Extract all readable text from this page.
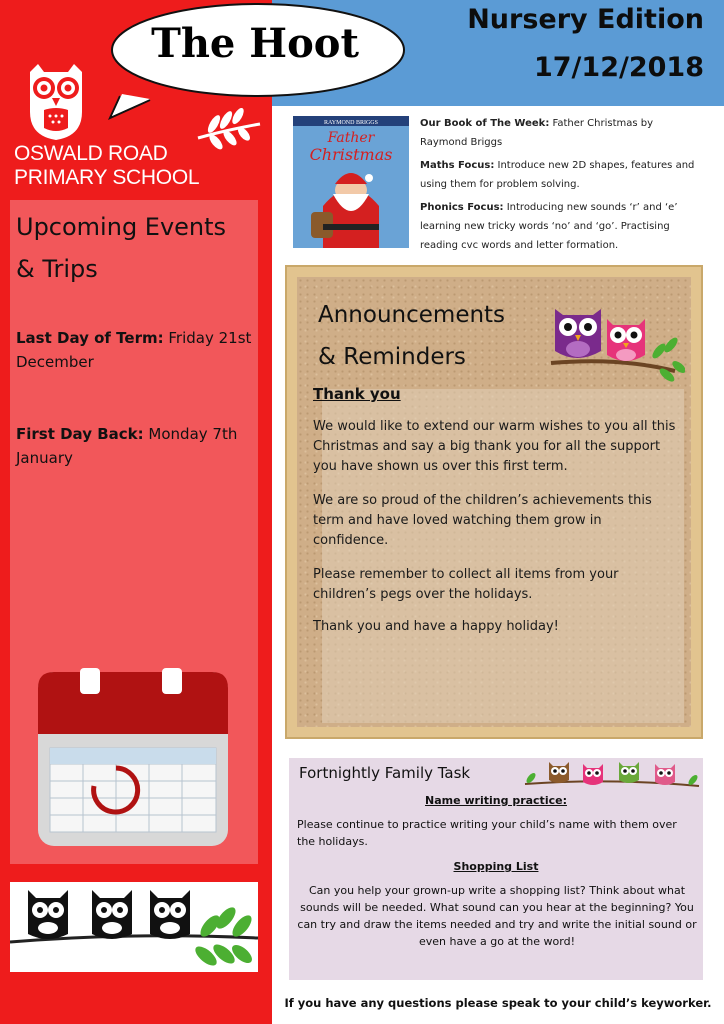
OSWALD ROAD
PRIMARY SCHOOL
Upcoming Events
& Trips
Last Day of Term: Friday 21st December
First Day Back: Monday 7th January
Nursery Edition
17/12/2018
The Hoot
RAYMOND BRIGGS
Father
Christmas

Our Book of The Week: Father Christmas by Raymond Briggs

Maths Focus: Introduce new 2D shapes, features and using them for problem solving.

Phonics Focus: Introducing new sounds ‘r’ and ‘e’ learning new tricky words ‘no’ and ‘go’. Practising reading cvc words and letter formation.

Announcements
& Reminders
Thank you

We would like to extend our warm wishes to you all this Christmas and say a big thank you for all the support you have shown us over this first term.

We are so proud of the children’s achievements this term and have loved watching them grow in confidence.

Please remember to collect all items from your children’s pegs over the holidays.

Thank you and have a happy holiday!

Fortnightly Family Task
Name writing practice:

Please continue to practice writing your child’s name with them over the holidays.

Shopping List

Can you help your grown-up write a shopping list? Think about what sounds will be needed. What sound can you hear at the beginning? You can try and draw the items needed and try and write the initial sound or even have a go at the word!

If you have any questions please speak to your child’s keyworker.
